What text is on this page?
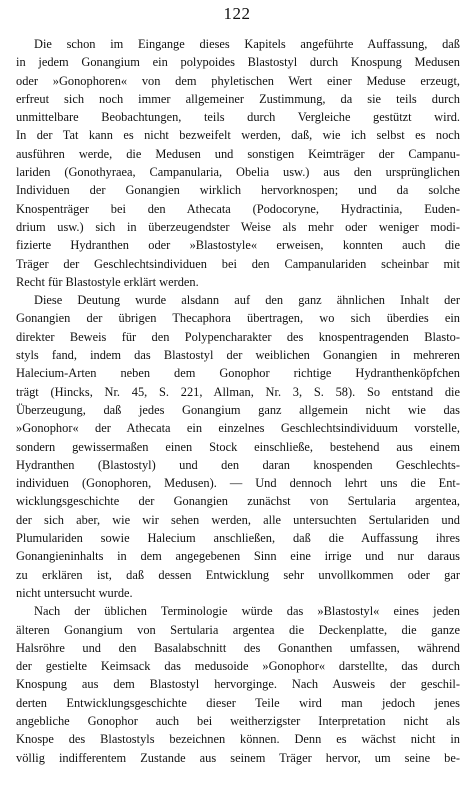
122
Die schon im Eingange dieses Kapitels angeführte Auffassung, daß
in jedem Gonangium ein polypoides Blastostyl durch Knospung Medusen
oder »Gonophoren« von dem phyletischen Wert einer Meduse erzeugt,
erfreut sich noch immer allgemeiner Zustimmung, da sie teils durch
unmittelbare Beobachtungen, teils durch Vergleiche gestützt wird.
In der Tat kann es nicht bezweifelt werden, daß, wie ich selbst es noch
ausführen werde, die Medusen und sonstigen Keimträger der Campanu-
lariden (Gonothyraea, Campanularia, Obelia usw.) aus den ursprünglichen
Individuen der Gonangien wirklich hervorknospen; und da solche
Knospenträger bei den Athecata (Podocoryne, Hydractinia, Euden-
drium usw.) sich in überzeugendster Weise als mehr oder weniger modi-
fizierte Hydranthen oder »Blastostyle« erweisen, konnten auch die
Träger der Geschlechtsindividuen bei den Campanulariden scheinbar mit
Recht für Blastostyle erklärt werden.
Diese Deutung wurde alsdann auf den ganz ähnlichen Inhalt der
Gonangien der übrigen Thecaphora übertragen, wo sich überdies ein
direkter Beweis für den Polypencharakter des knospentragenden Blasto-
styls fand, indem das Blastostyl der weiblichen Gonangien in mehreren
Halecium-Arten neben dem Gonophor richtige Hydranthenköpfchen
trägt (Hincks, Nr. 45, S. 221, Allman, Nr. 3, S. 58). So entstand die
Überzeugung, daß jedes Gonangium ganz allgemein nicht wie das
»Gonophor« der Athecata ein einzelnes Geschlechtsindividuum vorstelle,
sondern gewissermaßen einen Stock einschließe, bestehend aus einem
Hydranthen (Blastostyl) und den daran knospenden Geschlechts-
individuen (Gonophoren, Medusen). — Und dennoch lehrt uns die Ent-
wicklungsgeschichte der Gonangien zunächst von Sertularia argentea,
der sich aber, wie wir sehen werden, alle untersuchten Sertulariden und
Plumulariden sowie Halecium anschließen, daß die Auffassung ihres
Gonangieninhalts in dem angegebenen Sinn eine irrige und nur daraus
zu erklären ist, daß dessen Entwicklung sehr unvollkommen oder gar
nicht untersucht wurde.
Nach der üblichen Terminologie würde das »Blastostyl« eines jeden
älteren Gonangium von Sertularia argentea die Deckenplatte, die ganze
Halsröhre und den Basalabschnitt des Gonanthen umfassen, während
der gestielte Keimsack das medusoide »Gonophor« darstellte, das durch
Knospung aus dem Blastostyl hervorginge. Nach Ausweis der geschil-
derten Entwicklungsgeschichte dieser Teile wird man jedoch jenes
angebliche Gonophor auch bei weitherzigster Interpretation nicht als
Knospe des Blastostyls bezeichnen können. Denn es wächst nicht in
völlig indifferentem Zustande aus seinem Träger hervor, um seine be-
